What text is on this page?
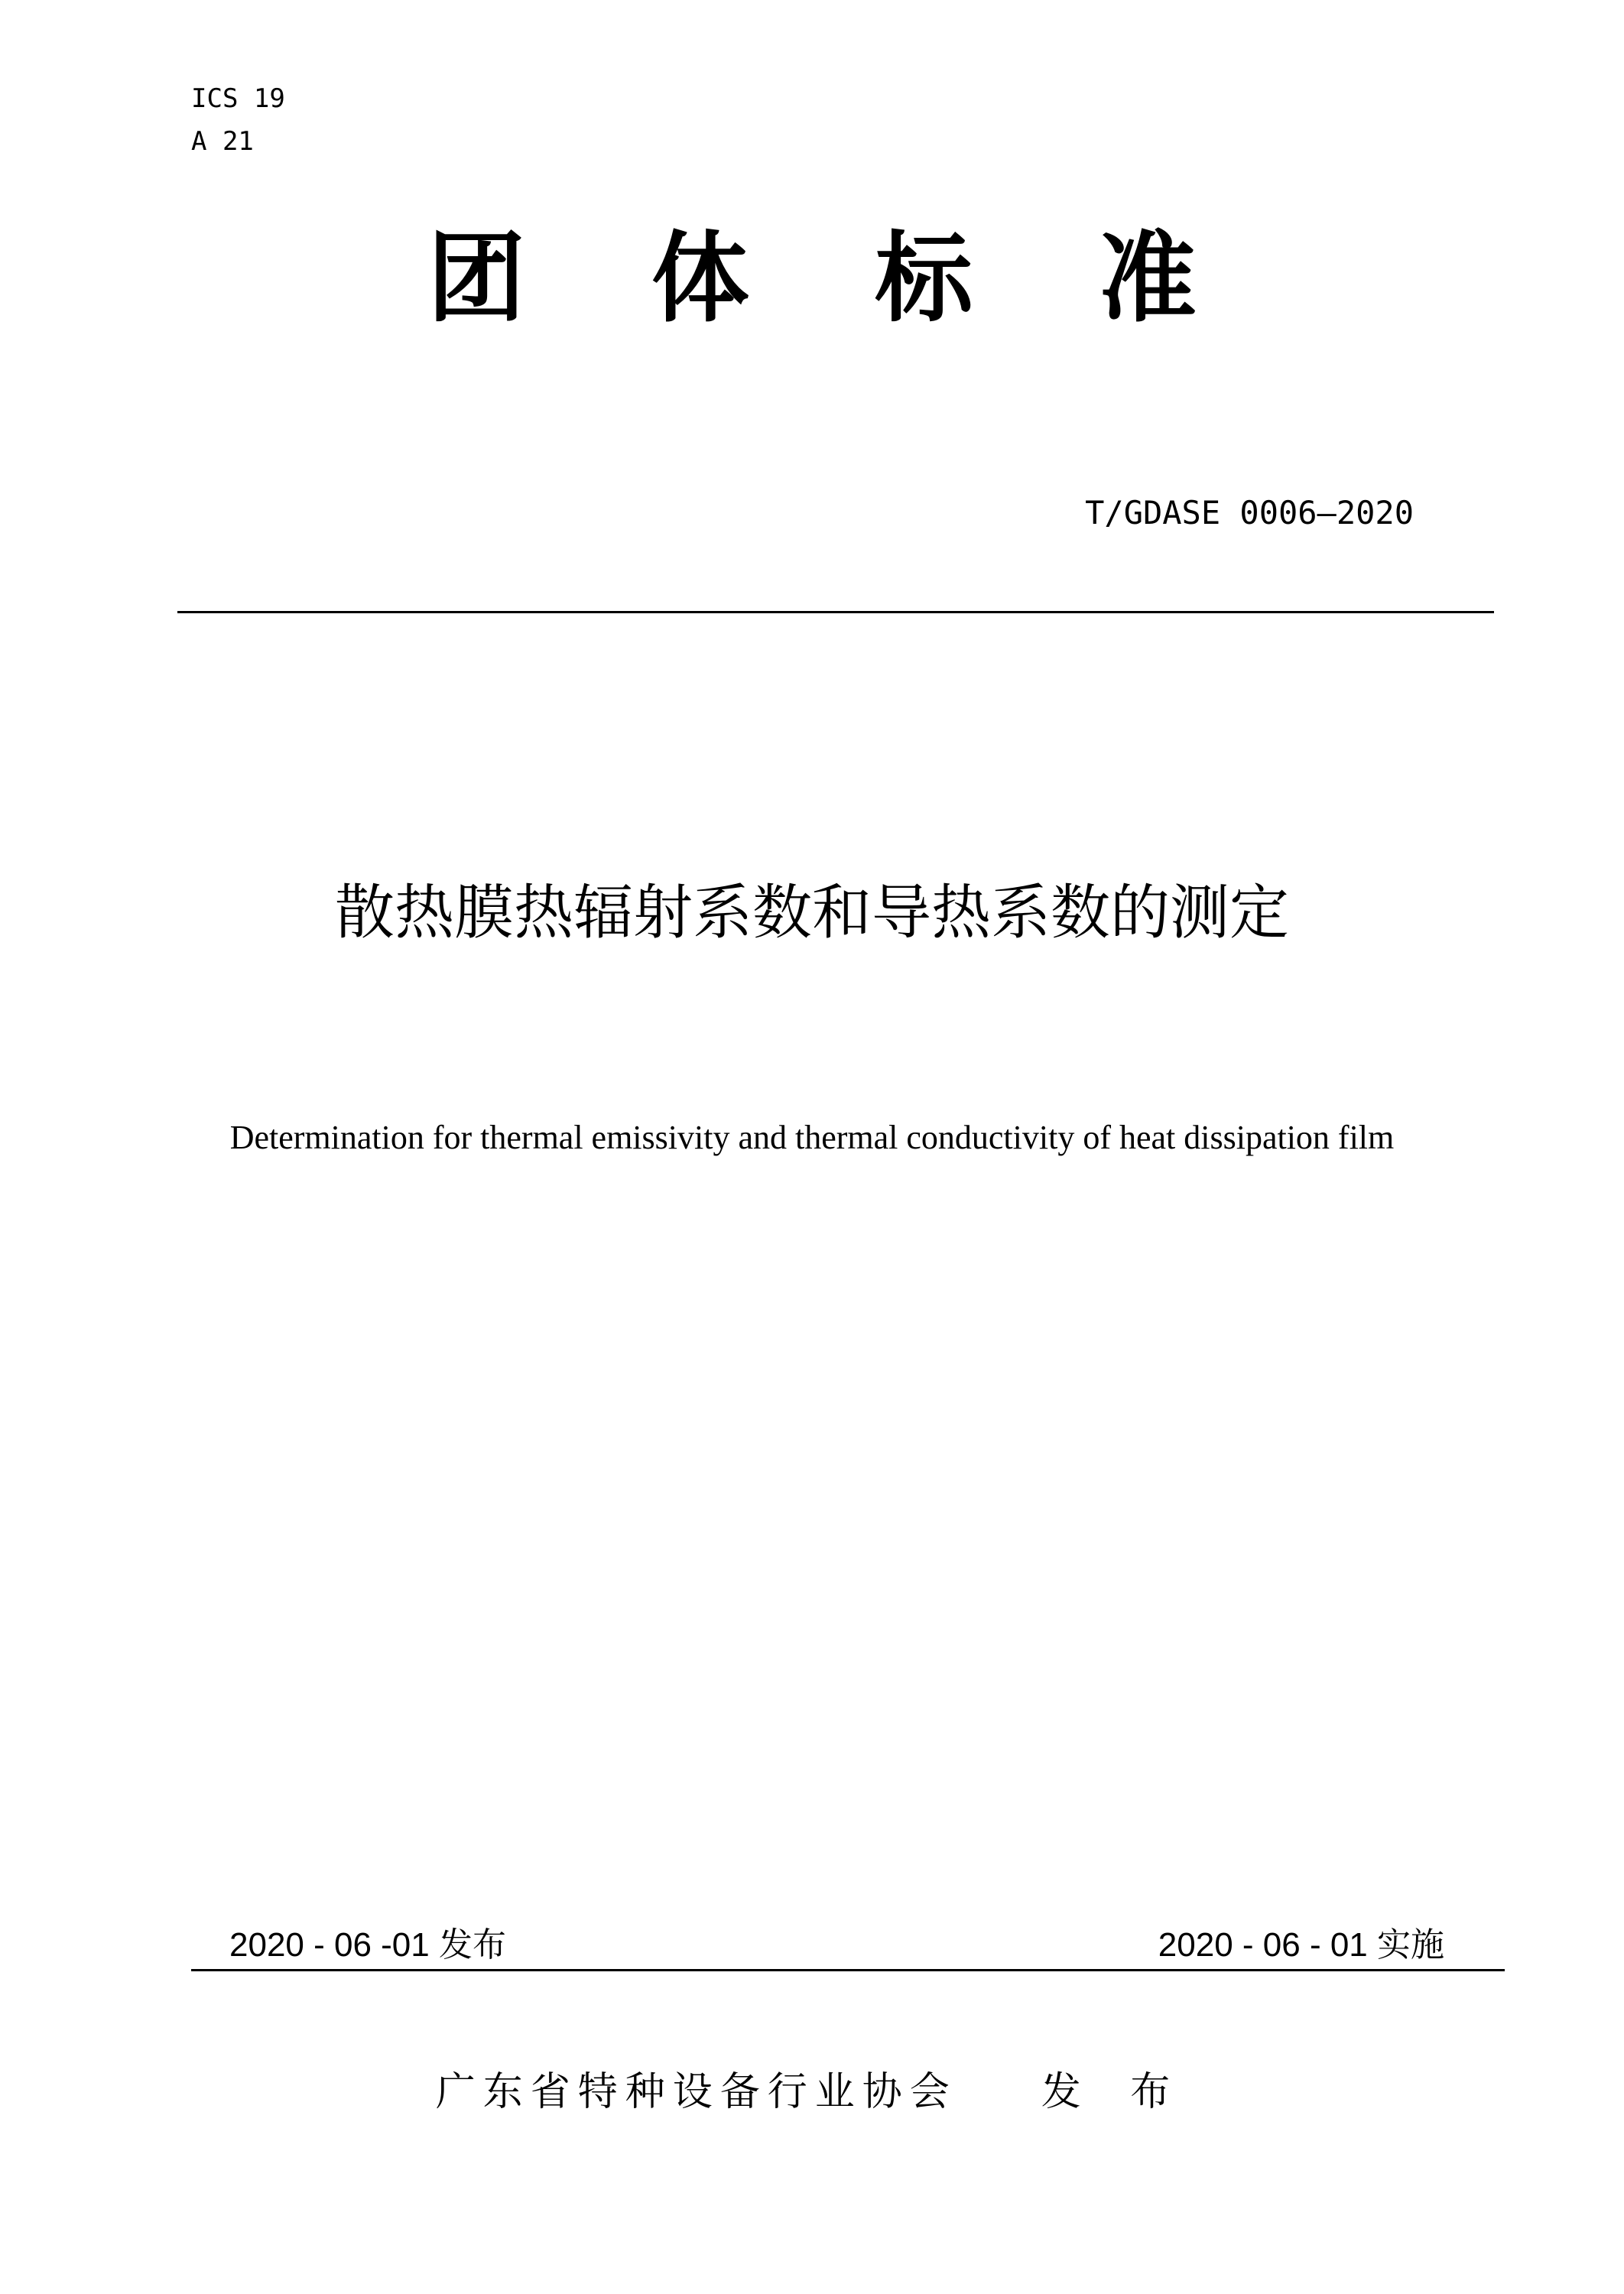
ICS 19
A 21
团 体 标 准
T/GDASE 0006—2020
散热膜热辐射系数和导热系数的测定
Determination for thermal emissivity and thermal conductivity of heat dissipation film
2020 - 06 -01 发布	2020 - 06 - 01 实施
广东省特种设备行业协会 发 布
